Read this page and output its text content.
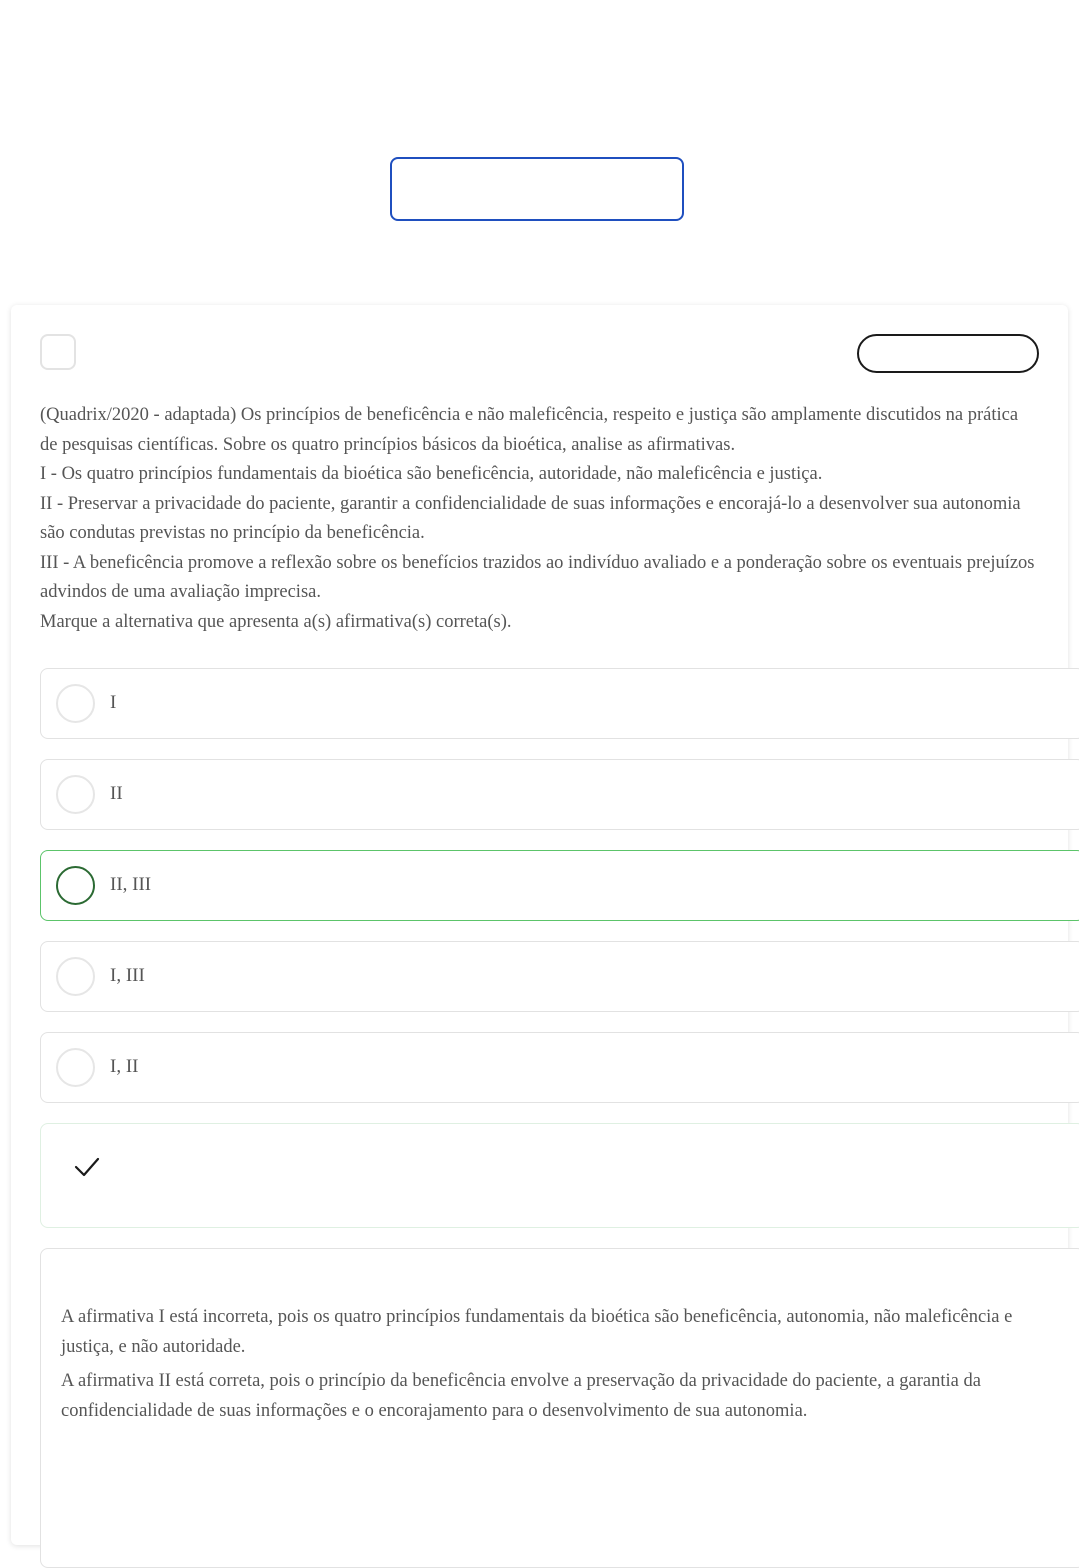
(Quadrix/2020 - adaptada) Os princípios de beneficência e não maleficência, respeito e justiça são amplamente discutidos na prática de pesquisas científicas. Sobre os quatro princípios básicos da bioética, analise as afirmativas.

I - Os quatro princípios fundamentais da bioética são beneficência, autoridade, não maleficência e justiça.

II - Preservar a privacidade do paciente, garantir a confidencialidade de suas informações e encorajá-lo a desenvolver sua autonomia são condutas previstas no princípio da beneficência.

III - A beneficência promove a reflexão sobre os benefícios trazidos ao indivíduo avaliado e a ponderação sobre os eventuais prejuízos advindos de uma avaliação imprecisa.

Marque a alternativa que apresenta a(s) afirmativa(s) correta(s).

I
II
II, III
I, III
I, II

A afirmativa I está incorreta, pois os quatro princípios fundamentais da bioética são beneficência, autonomia, não maleficência e justiça, e não autoridade.

A afirmativa II está correta, pois o princípio da beneficência envolve a preservação da privacidade do paciente, a garantia da confidencialidade de suas informações e o encorajamento para o desenvolvimento de sua autonomia.
